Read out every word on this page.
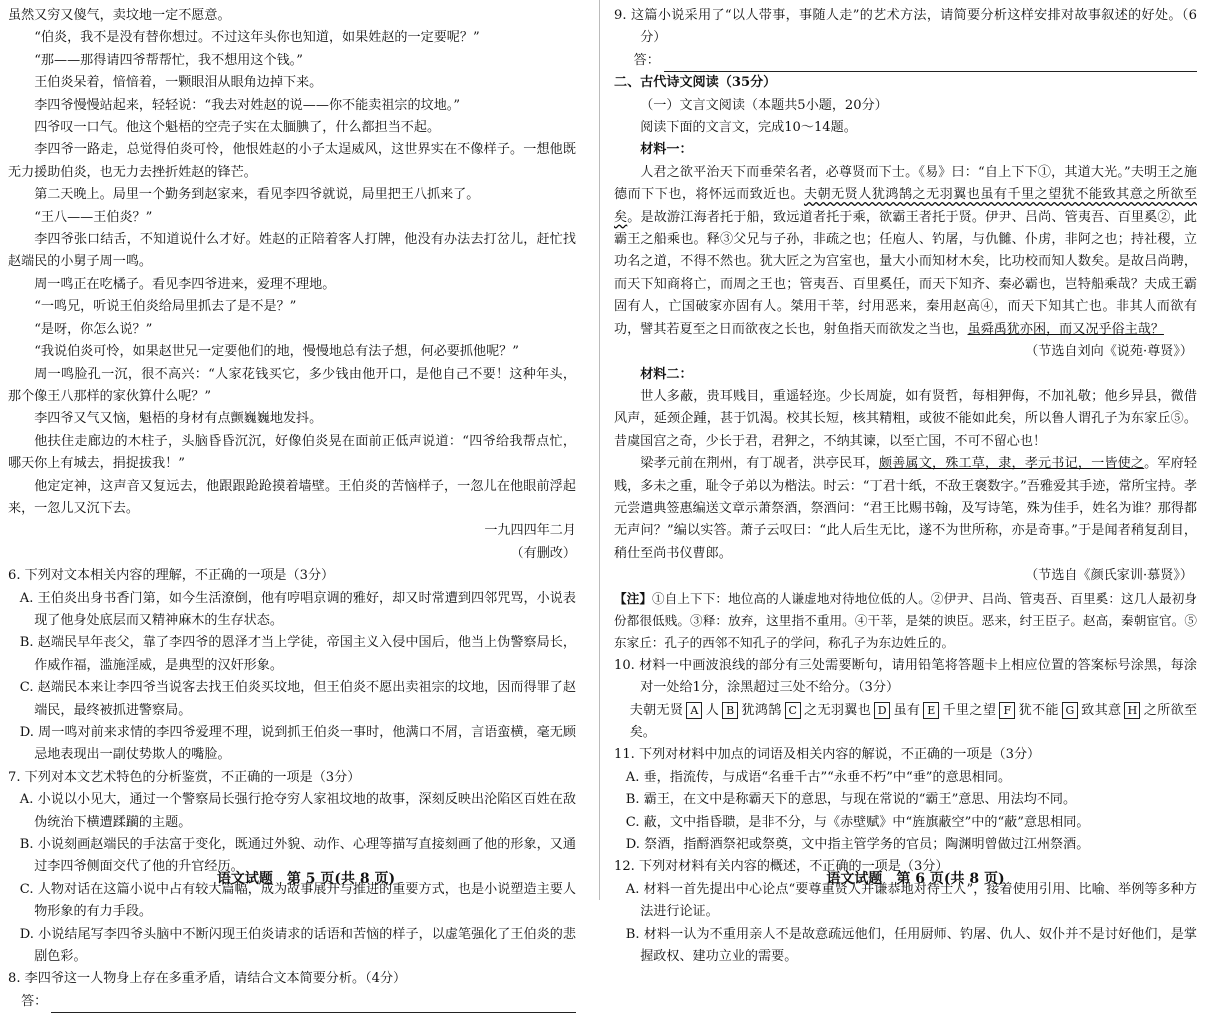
虽然又穷又傻气，卖坟地一定不愿意。

“伯炎，我不是没有替你想过。不过这年头你也知道，如果姓赵的一定要呢？”

“那——那得请四爷帮帮忙，我不想用这个钱。”

王伯炎呆着，愔愔着，一颗眼泪从眼角边掉下来。

李四爷慢慢站起来，轻轻说：“我去对姓赵的说——你不能卖祖宗的坟地。”

四爷叹一口气。他这个魁梧的空壳子实在太腼腆了，什么都担当不起。

李四爷一路走，总觉得伯炎可怜，他恨姓赵的小子太逞威风，这世界实在不像样子。一想他既无力援助伯炎，也无力去挫折姓赵的锋芒。

第二天晚上。局里一个勤务到赵家来，看见李四爷就说，局里把王八抓来了。

“王八——王伯炎？”

李四爷张口结舌，不知道说什么才好。姓赵的正陪着客人打牌，他没有办法去打岔儿，赶忙找赵端民的小舅子周一鸣。

周一鸣正在吃橘子。看见李四爷进来，爱理不理地。

“一鸣兄，听说王伯炎给局里抓去了是不是？”

“是呀，你怎么说？”

“我说伯炎可怜，如果赵世兄一定要他们的地，慢慢地总有法子想，何必要抓他呢？”

周一鸣脸孔一沉，很不高兴：“人家花钱买它，多少钱由他开口，是他自己不要！这种年头，那个像王八那样的家伙算什么呢？”

李四爷又气又恼，魁梧的身材有点颤巍巍地发抖。

他扶住走廊边的木柱子，头脑昏昏沉沉，好像伯炎晃在面前正低声说道：“四爷给我帮点忙，哪天你上有城去，捐捉拔我！”

他定定神，这声音又复远去，他跟跟跄跄摸着墙壁。王伯炎的苦恼样子，一忽儿在他眼前浮起来，一忽儿又沉下去。

一九四四年二月

（有删改）

6. 下列对文本相关内容的理解，不正确的一项是（3分）

A. 王伯炎出身书香门第，如今生活潦倒，他有哼唱京调的雅好，却又时常遭到四邻咒骂，小说表现了他身处底层而又精神麻木的生存状态。

B. 赵端民早年丧父，靠了李四爷的恩泽才当上学徒，帝国主义入侵中国后，他当上伪警察局长，作威作福，滥施淫威，是典型的汉奸形象。

C. 赵端民本来让李四爷当说客去找王伯炎买坟地，但王伯炎不愿出卖祖宗的坟地，因而得罪了赵端民，最终被抓进警察局。

D. 周一鸣对前来求情的李四爷爱理不理，说到抓王伯炎一事时，他满口不屑，言语蛮横，毫无顾忌地表现出一副仗势欺人的嘴脸。

7. 下列对本文艺术特色的分析鉴赏，不正确的一项是（3分）

A. 小说以小见大，通过一个警察局长强行抢夺穷人家祖坟地的故事，深刻反映出沦陷区百姓在敌伪统治下横遭蹂躏的主题。

B. 小说刻画赵端民的手法富于变化，既通过外貌、动作、心理等描写直接刻画了他的形象，又通过李四爷侧面交代了他的升官经历。

C. 人物对话在这篇小说中占有较大篇幅，成为故事展开与推进的重要方式，也是小说塑造主要人物形象的有力手段。

D. 小说结尾写李四爷头脑中不断闪现王伯炎请求的话语和苦恼的样子，以虚笔强化了王伯炎的悲剧色彩。

8. 李四爷这一人物身上存在多重矛盾，请结合文本简要分析。（4分）

答：
语文试题　第 5 页(共 8 页)

9. 这篇小说采用了“以人带事，事随人走”的艺术方法，请简要分析这样安排对故事叙述的好处。（6分）

答：

二、古代诗文阅读（35分）

（一）文言文阅读（本题共5小题，20分）

阅读下面的文言文，完成10～14题。

材料一：

人君之欲平治天下而垂荣名者，必尊贤而下士。《易》曰：“自上下下①，其道大光。”夫明王之施德而下下也，将怀远而致近也。夫朝无贤人犹鸿鹄之无羽翼也虽有千里之望犹不能致其意之所欲至矣。是故游江海者托于船，致远道者托于乘，欲霸王者托于贤。伊尹、吕尚、管夷吾、百里奚②，此霸王之船乘也。释③父兄与子孙，非疏之也；任庖人、钓屠，与仇雠、仆虏，非阿之也；持社稷，立功名之道，不得不然也。犹大匠之为宫室也，量大小而知材木矣，比功校而知人数矣。是故吕尚聘，而天下知商将亡，而周之王也；管夷吾、百里奚任，而天下知齐、秦必霸也，岂特船乘哉？夫成王霸固有人，亡国破家亦固有人。桀用干莘，纣用恶来，秦用赵高④，而天下知其亡也。非其人而欲有功，譬其若夏至之日而欲夜之长也，射鱼指天而欲发之当也，虽舜禹犹亦困，而又况乎俗主哉？

（节选自刘向《说苑·尊贤》）

材料二：

世人多蔽，贵耳贱目，重遥轻迩。少长周旋，如有贤哲，每相狎侮，不加礼敬；他乡异县，微借风声，延颈企踵，甚于饥渴。校其长短，核其精粗，或彼不能如此矣，所以鲁人谓孔子为东家丘⑤。昔虞国宫之奇，少长于君，君狎之，不纳其谏，以至亡国，不可不留心也！

梁孝元前在荆州，有丁觇者，洪亭民耳，颇善属文，殊工草，隶，孝元书记，一皆使之。军府轻贱，多未之重，耻令子弟以为楷法。时云：“丁君十纸，不敌王褒数字。”吾雅爱其手迹，常所宝持。孝元尝遣典签惠编送文章示萧祭酒，祭酒问：“君王比赐书翰，及写诗笔，殊为佳手，姓名为谁？那得都无声问？”编以实答。萧子云叹曰：“此人后生无比，遂不为世所称，亦是奇事。”于是闻者稍复刮目，稍仕至尚书仪曹郎。

（节选自《颜氏家训·慕贤》）

【注】①自上下下：地位高的人谦虚地对待地位低的人。②伊尹、吕尚、管夷吾、百里奚：这几人最初身份都很低贱。③释：放弃，这里指不重用。④干莘，是桀的谀臣。恶来，纣王臣子。赵高，秦朝宦官。⑤东家丘：孔子的西邻不知孔子的学问，称孔子为东边姓丘的。

10. 材料一中画波浪线的部分有三处需要断句，请用铅笔将答题卡上相应位置的答案标号涂黑，每涂对一处给1分，涂黑超过三处不给分。（3分）

夫朝无贤 A 人 B 犹鸿鹄 C 之无羽翼也 D 虽有 E 千里之望 F 犹不能 G 致其意 H 之所欲至矣。

11. 下列对材料中加点的词语及相关内容的解说，不正确的一项是（3分）

A. 垂，指流传，与成语“名垂千古”“永垂不朽”中“垂”的意思相同。

B. 霸王，在文中是称霸天下的意思，与现在常说的“霸王”意思、用法均不同。

C. 蔽，文中指昏聩，是非不分，与《赤壁赋》中“旌旗蔽空”中的“蔽”意思相同。

D. 祭酒，指酹酒祭祀或祭奠，文中指主管学务的官员；陶渊明曾做过江州祭酒。

12. 下列对材料有关内容的概述，不正确的一项是（3分）

A. 材料一首先提出中心论点“要尊重贤人并谦恭地对待士人”，接着使用引用、比喻、举例等多种方法进行论证。

B. 材料一认为不重用亲人不是故意疏远他们，任用厨师、钓屠、仇人、奴仆并不是讨好他们，是掌握政权、建功立业的需要。

语文试题　第 6 页(共 8 页)
